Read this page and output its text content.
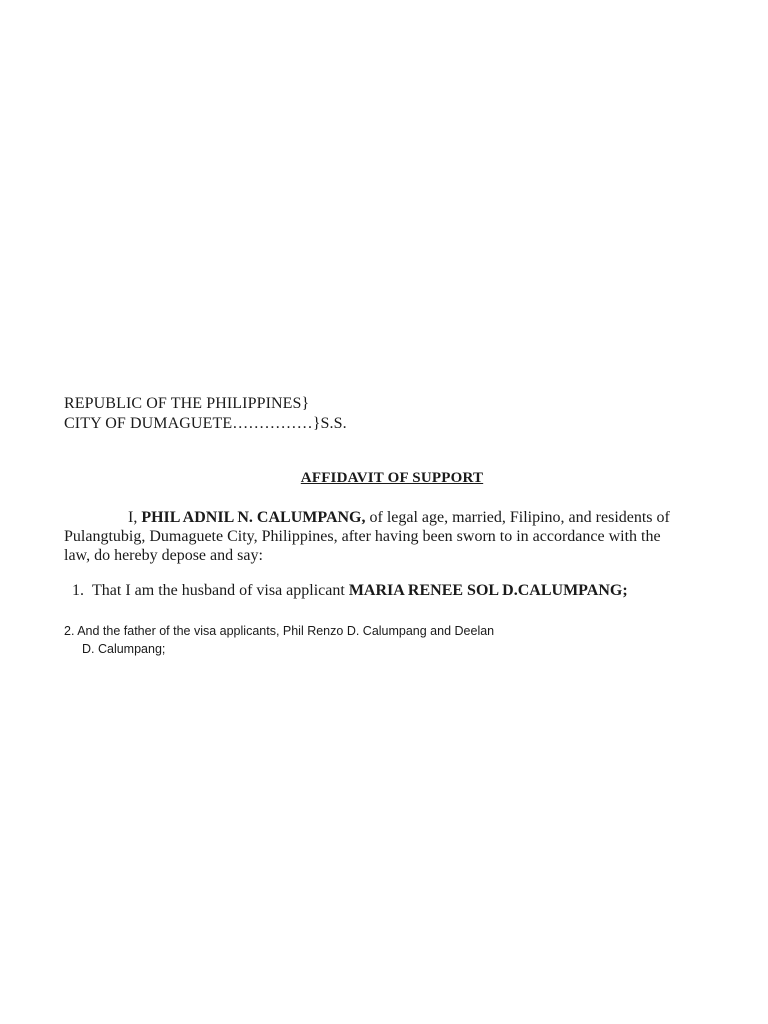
REPUBLIC OF THE PHILIPPINES}
CITY OF DUMAGUETE……………}S.S.
AFFIDAVIT OF SUPPORT
I, PHIL ADNIL N. CALUMPANG, of legal age, married, Filipino, and residents of
Pulangtubig, Dumaguete City, Philippines, after having been sworn to in accordance with the
law, do hereby depose and say:
1. That I am the husband of visa applicant MARIA RENEE SOL D.CALUMPANG;
2. And the father of the visa applicants, Phil Renzo D. Calumpang and Deelan
D. Calumpang;
